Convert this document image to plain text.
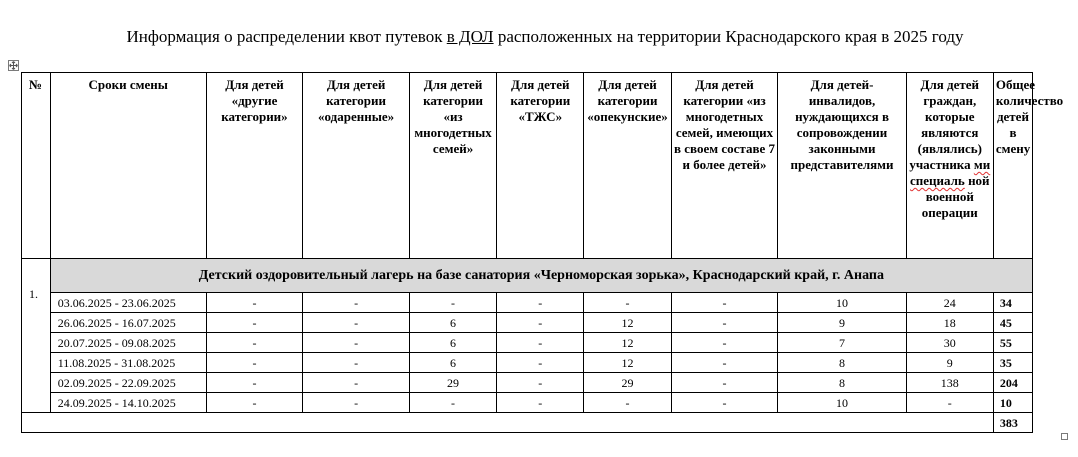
Информация о распределении квот путевок в ДОЛ расположенных на территории Краснодарского края в 2025 году
№	Сроки смены	Для детей «другие категории»	Для детей категории «одаренные»	Для детей категории «из многодетных семей»	Для детей категории «ТЖС»	Для детей категории «опекунские»	Для детей категории «из многодетных семей, имеющих в своем составе 7 и более детей»	Для детей-инвалидов, нуждающихся в сопровождении законными представителями	Для детей граждан, которые являются (являлись) участника ми специаль ной военной операции	Общее количество детей в смену
1.	Детский оздоровительный лагерь на базе санатория «Черноморская зорька», Краснодарский край, г. Анапа									
	03.06.2025 - 23.06.2025	-	-	-	-	-	-	10	24	34
	26.06.2025 - 16.07.2025	-	-	6	-	12	-	9	18	45
	20.07.2025 - 09.08.2025	-	-	6	-	12	-	7	30	55
	11.08.2025 - 31.08.2025	-	-	6	-	12	-	8	9	35
	02.09.2025 - 22.09.2025	-	-	29	-	29	-	8	138	204
	24.09.2025 - 14.10.2025	-	-	-	-	-	-	10	-	10
										383
